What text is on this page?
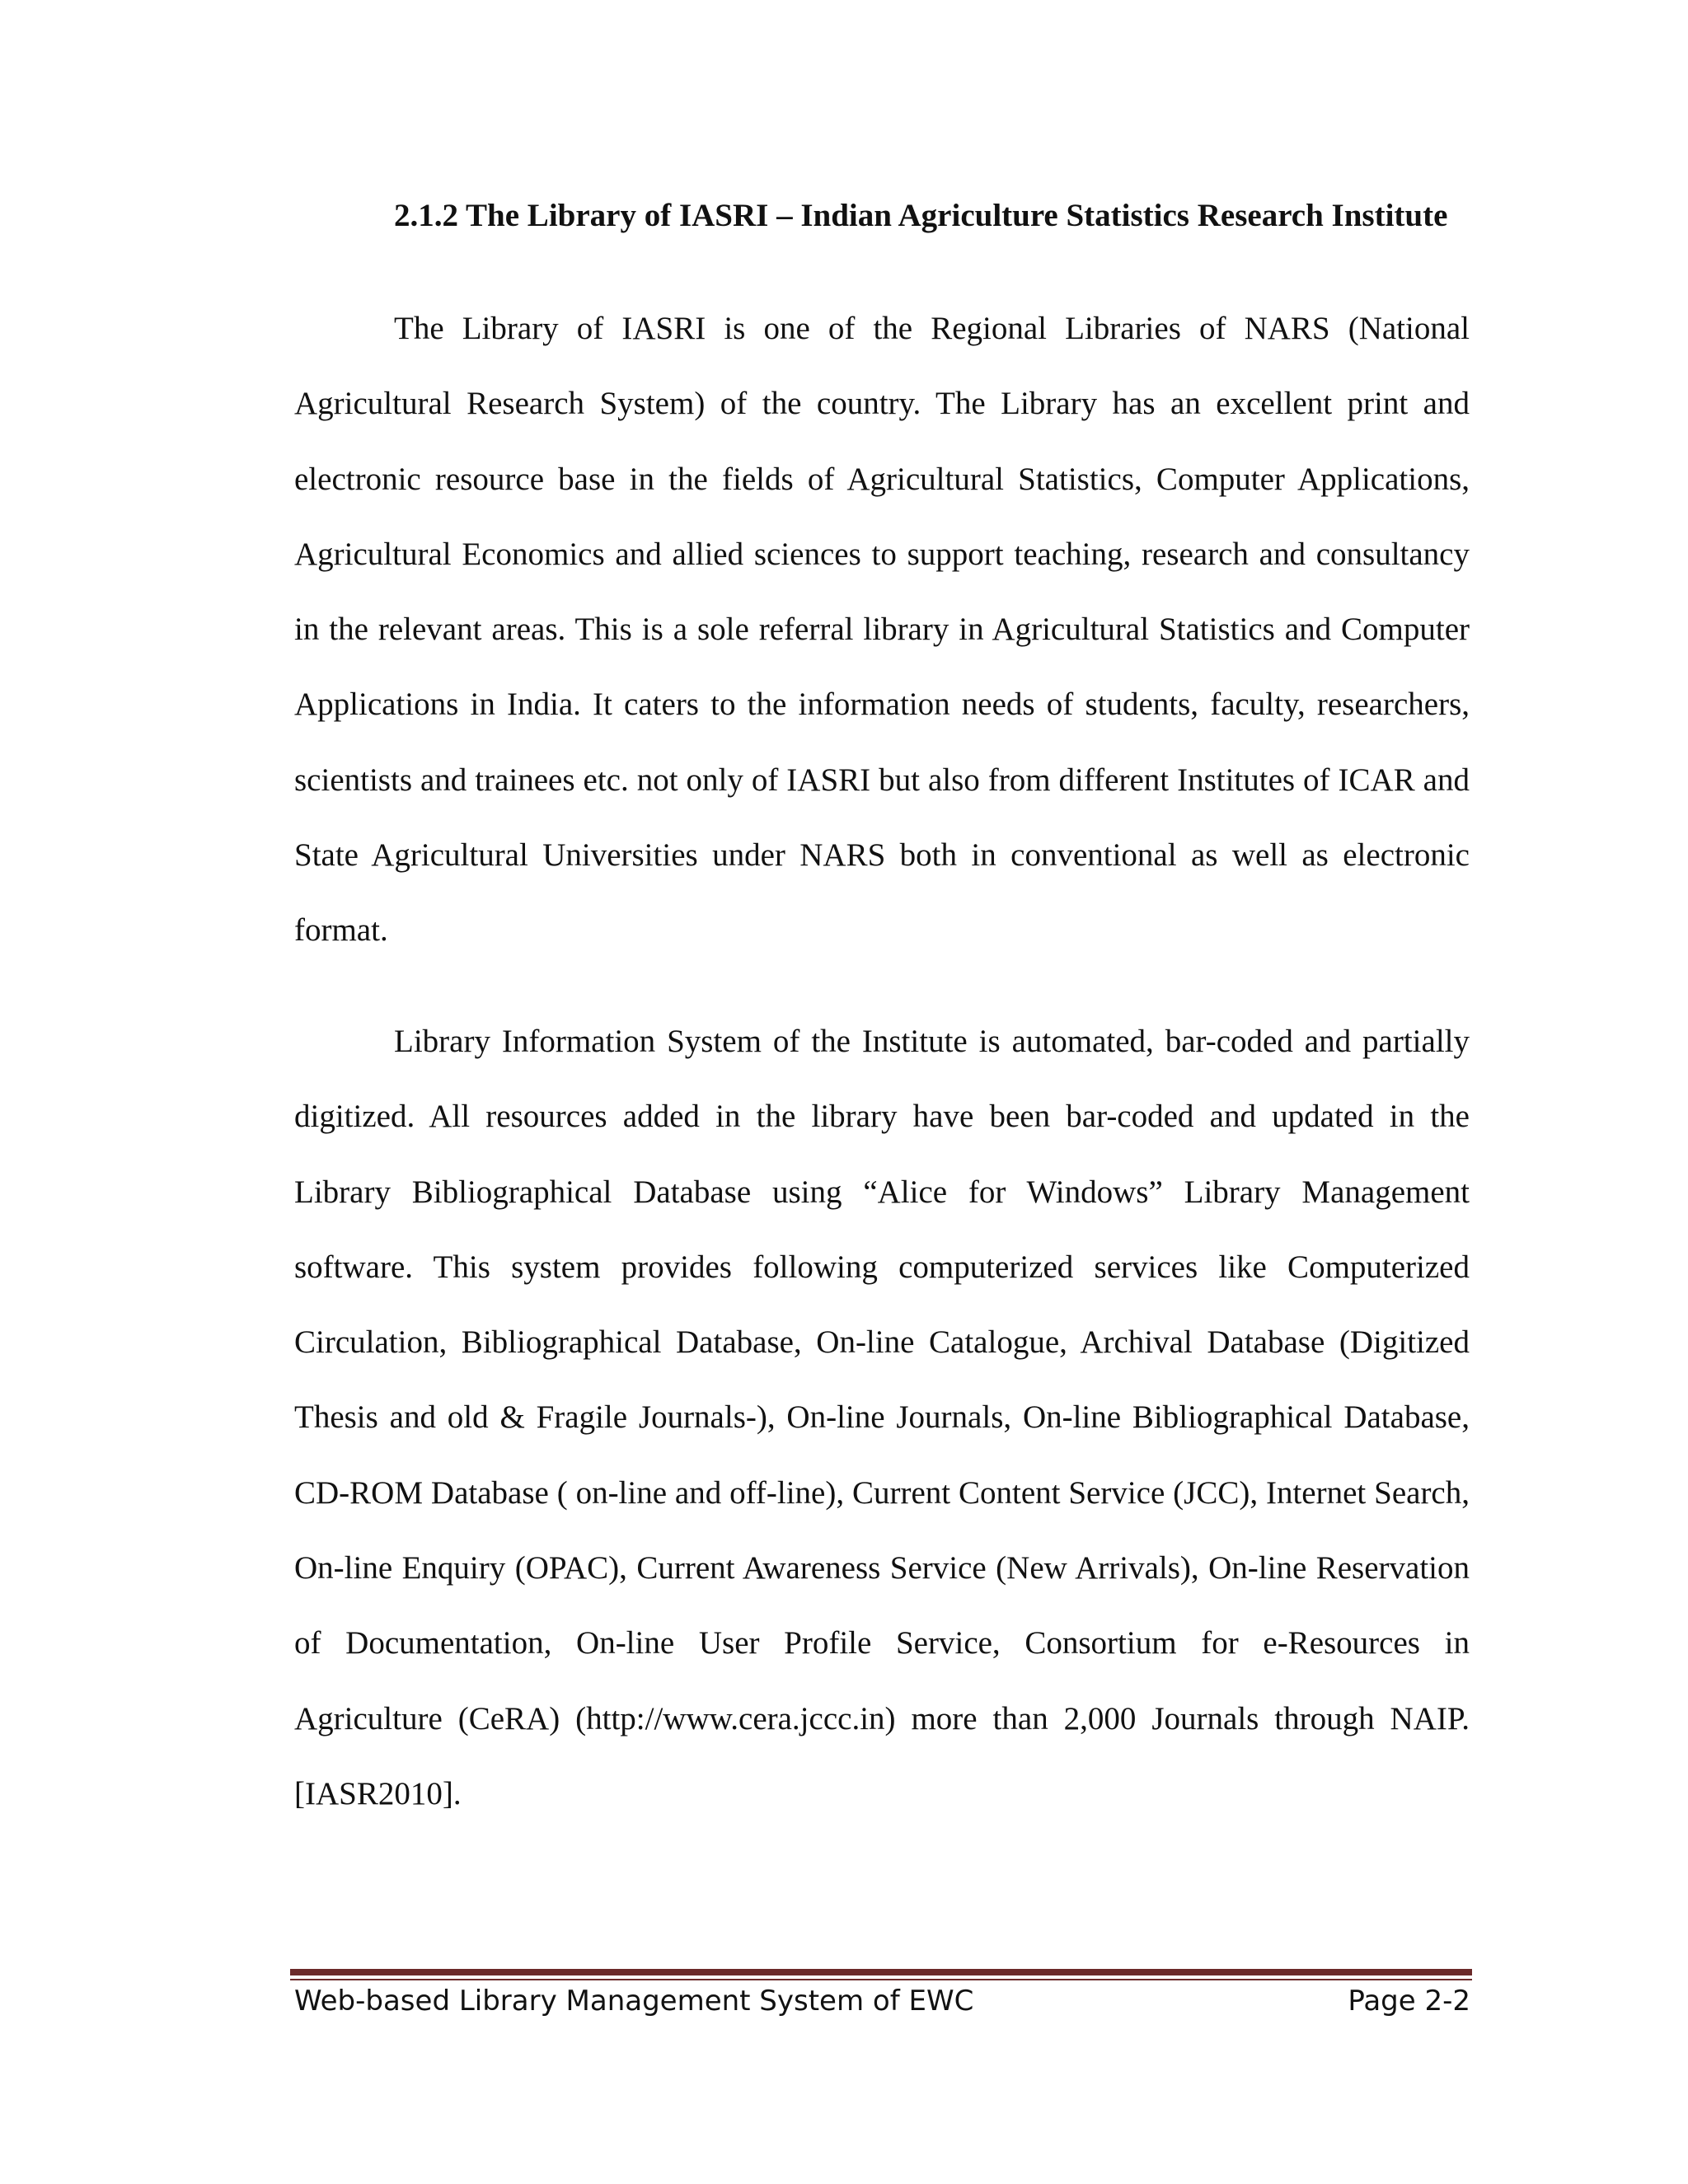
2.1.2 The Library of IASRI – Indian Agriculture Statistics Research Institute

The Library of IASRI is one of the Regional Libraries of NARS (National Agricultural Research System) of the country. The Library has an excellent print and electronic resource base in the fields of Agricultural Statistics, Computer Applications, Agricultural Economics and allied sciences to support teaching, research and consultancy in the relevant areas. This is a sole referral library in Agricultural Statistics and Computer Applications in India. It caters to the information needs of students, faculty, researchers, scientists and trainees etc. not only of IASRI but also from different Institutes of ICAR and State Agricultural Universities under NARS both in conventional as well as electronic format.

Library Information System of the Institute is automated, bar-coded and partially digitized. All resources added in the library have been bar-coded and updated in the Library Bibliographical Database using “Alice for Windows” Library Management software. This system provides following computerized services like Computerized Circulation, Bibliographical Database, On-line Catalogue, Archival Database (Digitized Thesis and old & Fragile Journals-), On-line Journals, On-line Bibliographical Database, CD-ROM Database ( on-line and off-line), Current Content Service (JCC), Internet Search, On-line Enquiry (OPAC), Current Awareness Service (New Arrivals), On-line Reservation of Documentation, On-line User Profile Service, Consortium for e-Resources in Agriculture (CeRA) (http://www.cera.jccc.in) more than 2,000 Journals through NAIP. [IASR2010].

Web-based Library Management System of EWC	Page 2-2
